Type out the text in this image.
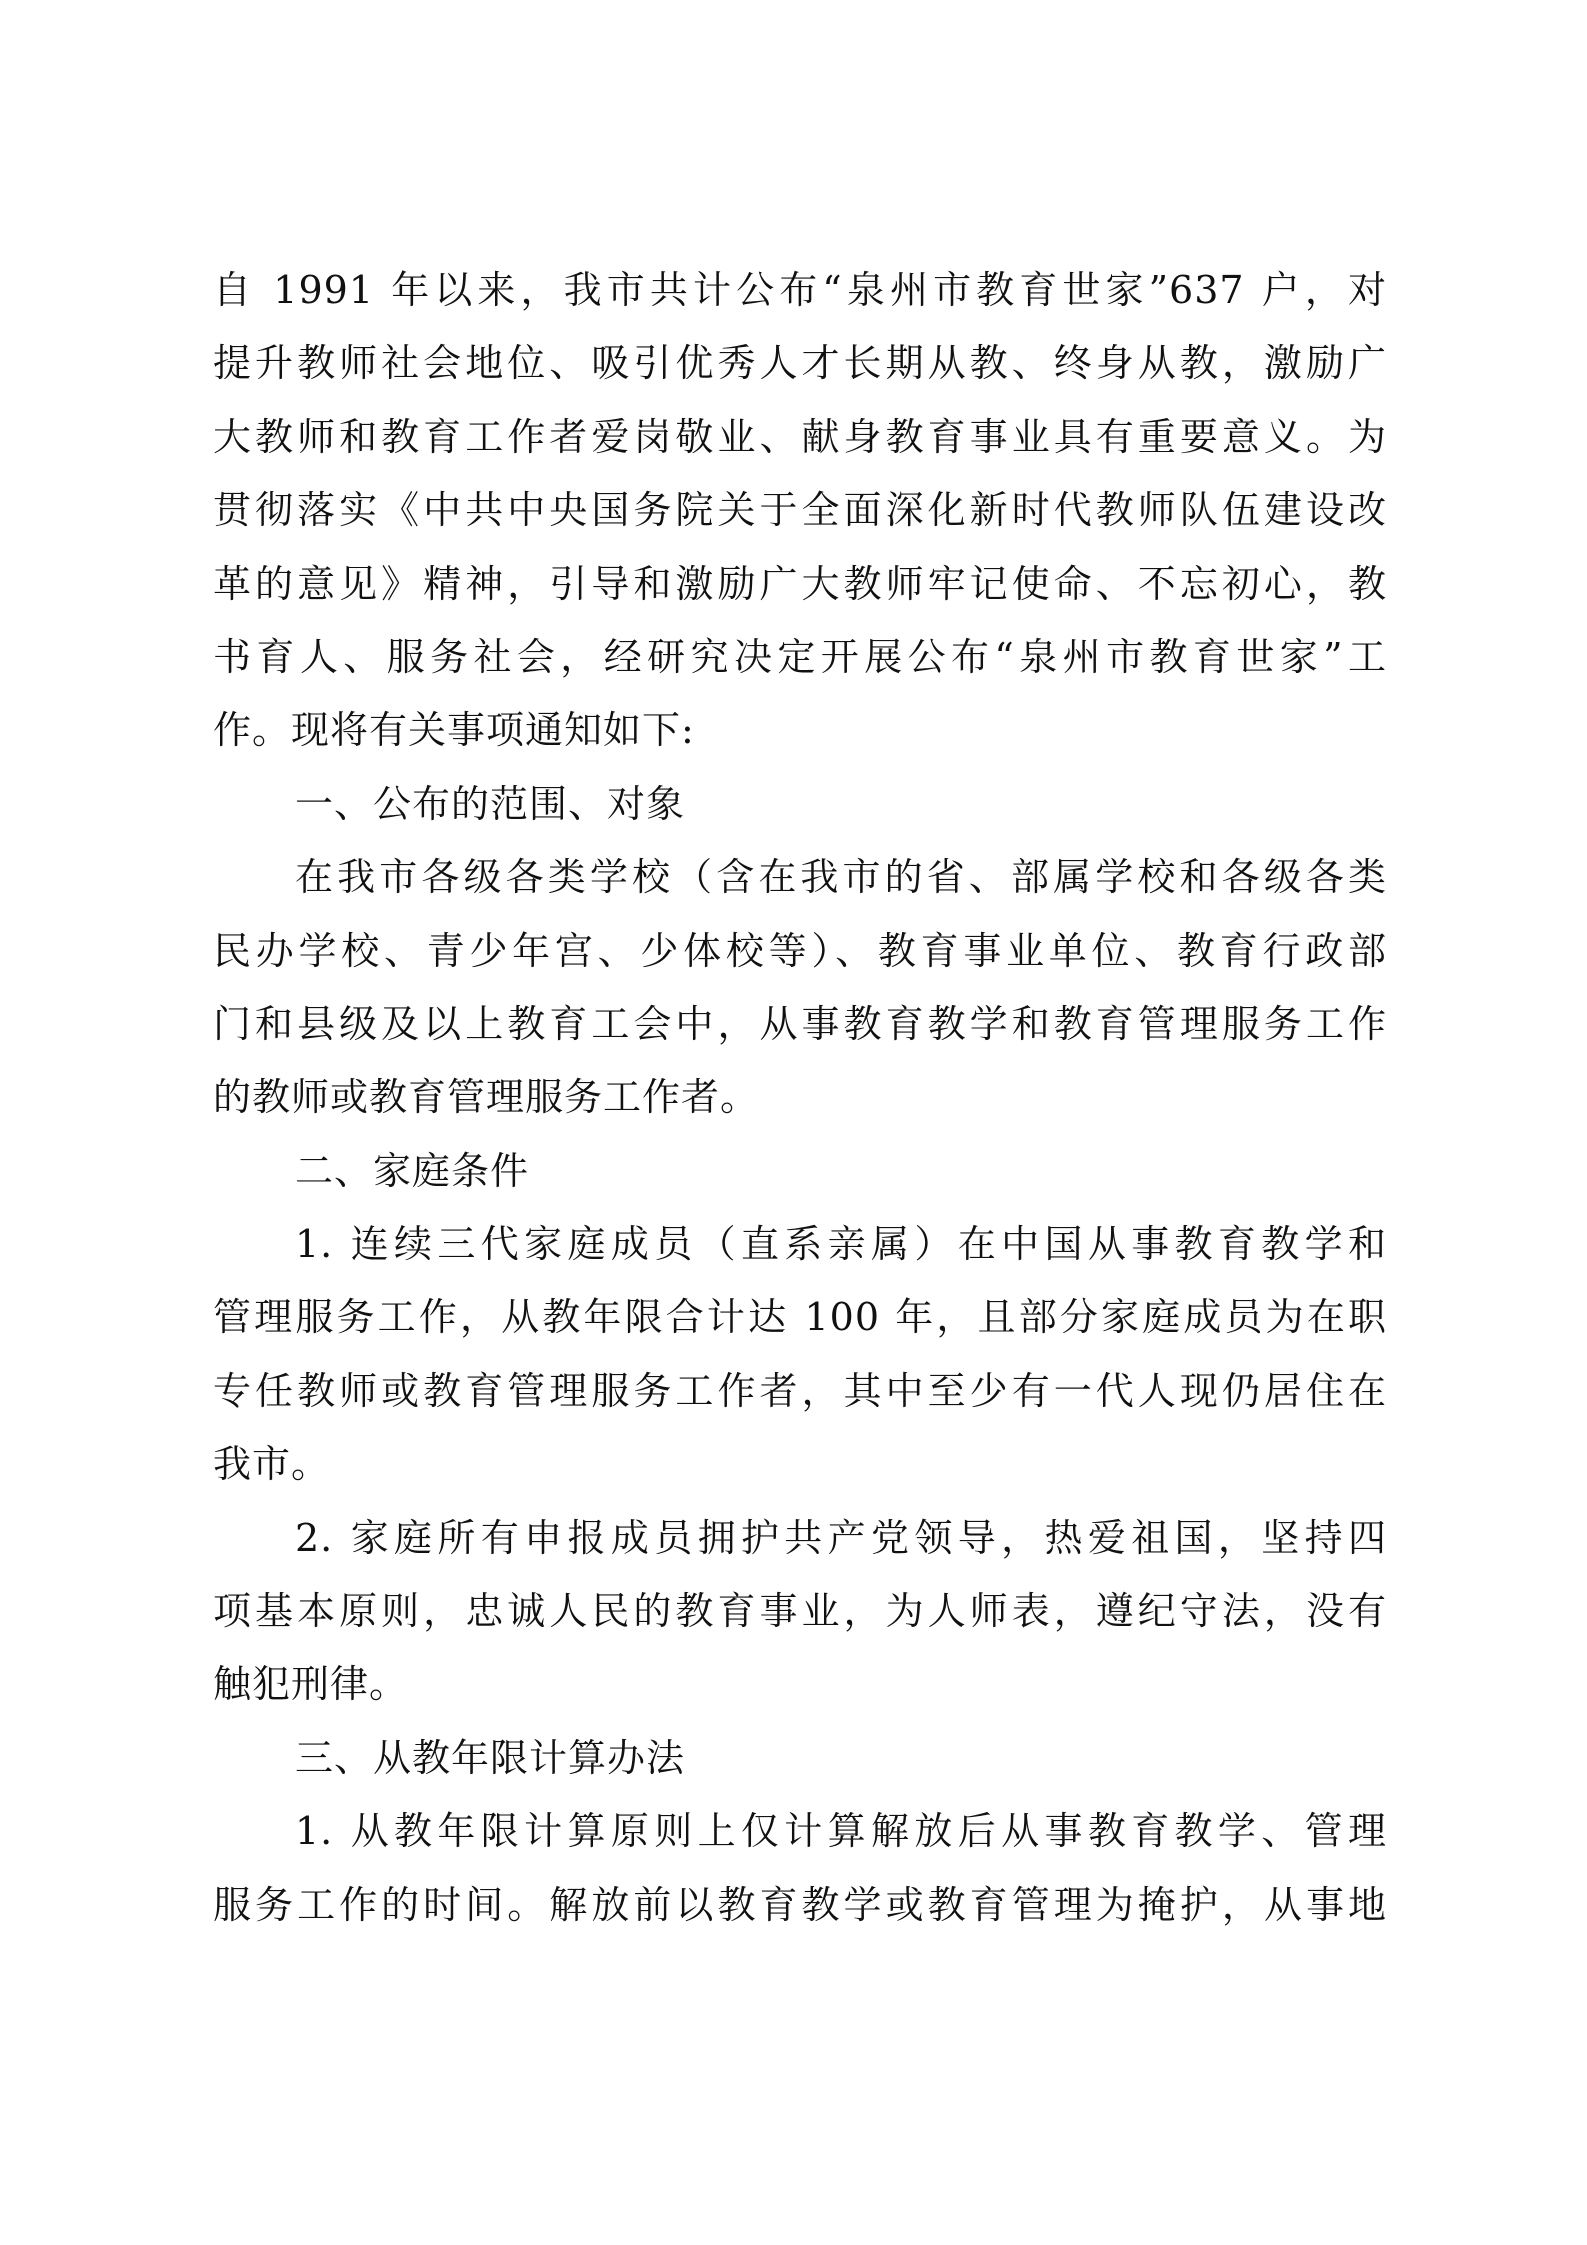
自 1991 年以来，我市共计公布“泉州市教育世家”637 户，对
提升教师社会地位、吸引优秀人才长期从教、终身从教，激励广
大教师和教育工作者爱岗敬业、献身教育事业具有重要意义。为
贯彻落实《中共中央国务院关于全面深化新时代教师队伍建设改
革的意见》精神，引导和激励广大教师牢记使命、不忘初心，教
书育人、服务社会，经研究决定开展公布“泉州市教育世家”工
作。现将有关事项通知如下:
一、公布的范围、对象
在我市各级各类学校（含在我市的省、部属学校和各级各类
民办学校、青少年宫、少体校等）、教育事业单位、教育行政部
门和县级及以上教育工会中，从事教育教学和教育管理服务工作
的教师或教育管理服务工作者。
二、家庭条件
1. 连续三代家庭成员（直系亲属）在中国从事教育教学和
管理服务工作，从教年限合计达 100 年，且部分家庭成员为在职
专任教师或教育管理服务工作者，其中至少有一代人现仍居住在
我市。
2. 家庭所有申报成员拥护共产党领导，热爱祖国，坚持四
项基本原则，忠诚人民的教育事业，为人师表，遵纪守法，没有
触犯刑律。
三、从教年限计算办法
1. 从教年限计算原则上仅计算解放后从事教育教学、管理
服务工作的时间。解放前以教育教学或教育管理为掩护，从事地
